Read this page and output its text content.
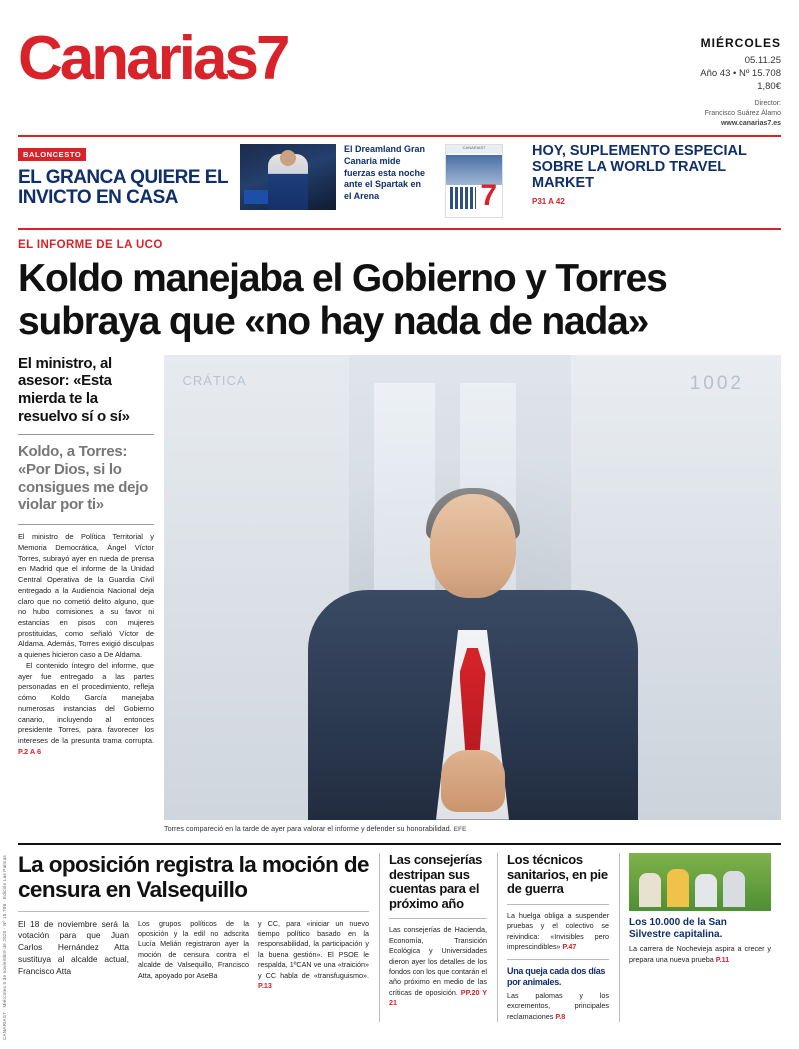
Canarias7	MIÉRCOLES
05.11.25
Año 43 • Nº 15.708
1,80€
Director:
Francisco Suárez Álamo
www.canarias7.es
BALONCESTO
EL GRANCA QUIERE EL INVICTO EN CASA

El Dreamland Gran Canaria mide fuerzas esta noche ante el Spartak en el Arena

CANARIAS7
7
HOY, SUPLEMENTO ESPECIAL SOBRE LA WORLD TRAVEL MARKET
P31 A 42
EL INFORME DE LA UCO
Koldo manejaba el Gobierno y Torres subraya que «no hay nada de nada»

El ministro, al asesor: «Esta mierda te la resuelvo sí o sí»

Koldo, a Torres: «Por Dios, si lo consigues me dejo violar por ti»

El ministro de Política Territorial y Memoria Democrática, Ángel Víctor Torres, subrayó ayer en rueda de prensa en Madrid que el informe de la Unidad Central Operativa de la Guardia Civil entregado a la Audiencia Nacional deja claro que no cometió delito alguno, que no hubo comisiones a su favor ni estancias en pisos con mujeres prostituidas, como señaló Víctor de Aldama. Además, Torres exigió disculpas a quienes hicieron caso a De Aldama.

El contenido íntegro del informe, que ayer fue entregado a las partes personadas en el procedimiento, refleja cómo Koldo García manejaba numerosas instancias del Gobierno canario, incluyendo al entonces presidente Torres, para favorecer los intereses de la presunta trama corrupta. P.2 A 6

CRÁTICA	1002
Torres compareció en la tarde de ayer para valorar el informe y defender su honorabilidad. EFE
La oposición registra la moción de censura en Valsequillo
El 18 de noviembre será la votación para que Juan Carlos Hernández Atta sustituya al alcalde actual, Francisco Atta
Los grupos políticos de la oposición y la edil no adscrita Lucía Melián registraron ayer la moción de censura contra el alcalde de Valsequillo, Francisco Atta, apoyado por AseBa
y CC, para «iniciar un nuevo tiempo político basado en la responsabilidad, la participación y la buena gestión». El PSOE le respalda, 1ºCAN ve una «traición» y CC habla de «transfuguismo». P.13
Las consejerías destripan sus cuentas para el próximo año

Las consejerías de Hacienda, Economía, Transición Ecológica y Universidades dieron ayer los detalles de los fondos con los que contarán el año próximo en medio de las críticas de oposición. PP.20 Y 21

Los técnicos sanitarios, en pie de guerra

La huelga obliga a suspender pruebas y el colectivo se reivindica: «Invisibles pero imprescindibles» P.47

Una queja cada dos días por animales.

Las palomas y los excrementos, principales reclamaciones P.8

Los 10.000 de la San Silvestre capitalina.

La carrera de Nochevieja aspira a crecer y prepara una nueva prueba P.11

CANARIAS7 · Miércoles 5 de noviembre de 2025 · Nº 15.708 · Edición Las Palmas
